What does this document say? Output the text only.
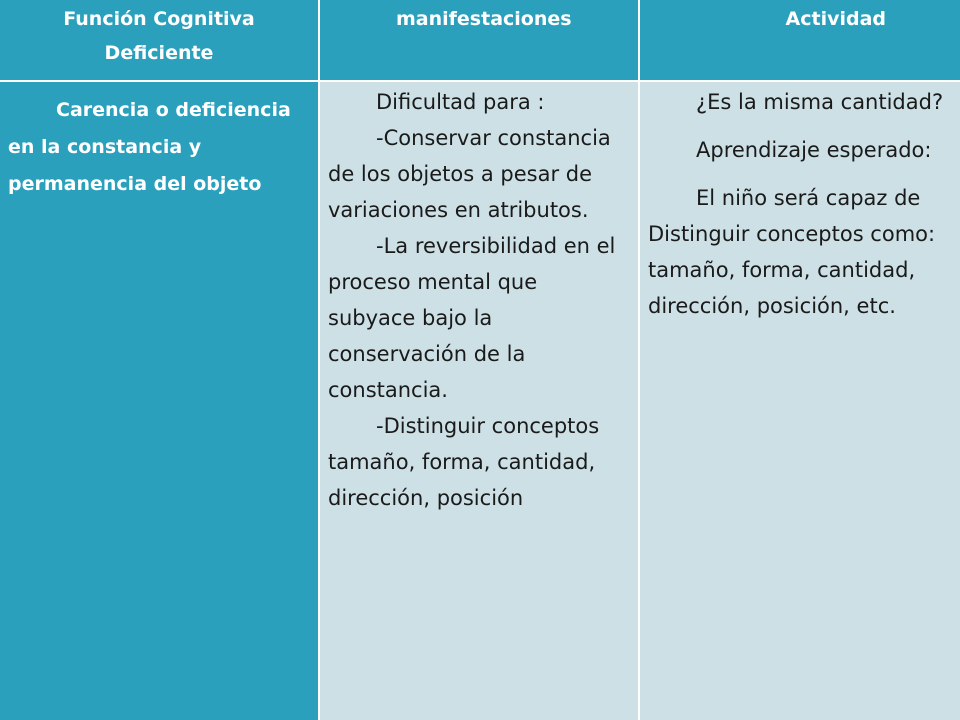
Función Cognitiva Deficiente
manifestaciones	Actividad

Carencia o deficiencia en la constancia y permanencia del objeto

Dificultad para :

-Conservar constancia de los objetos a pesar de variaciones en atributos.

-La reversibilidad en el proceso mental que subyace bajo la conservación de la constancia.

-Distinguir conceptos tamaño, forma, cantidad, dirección, posición

¿Es la misma cantidad?

Aprendizaje esperado:

El niño será capaz de Distinguir conceptos como: tamaño, forma, cantidad, dirección, posición, etc.
